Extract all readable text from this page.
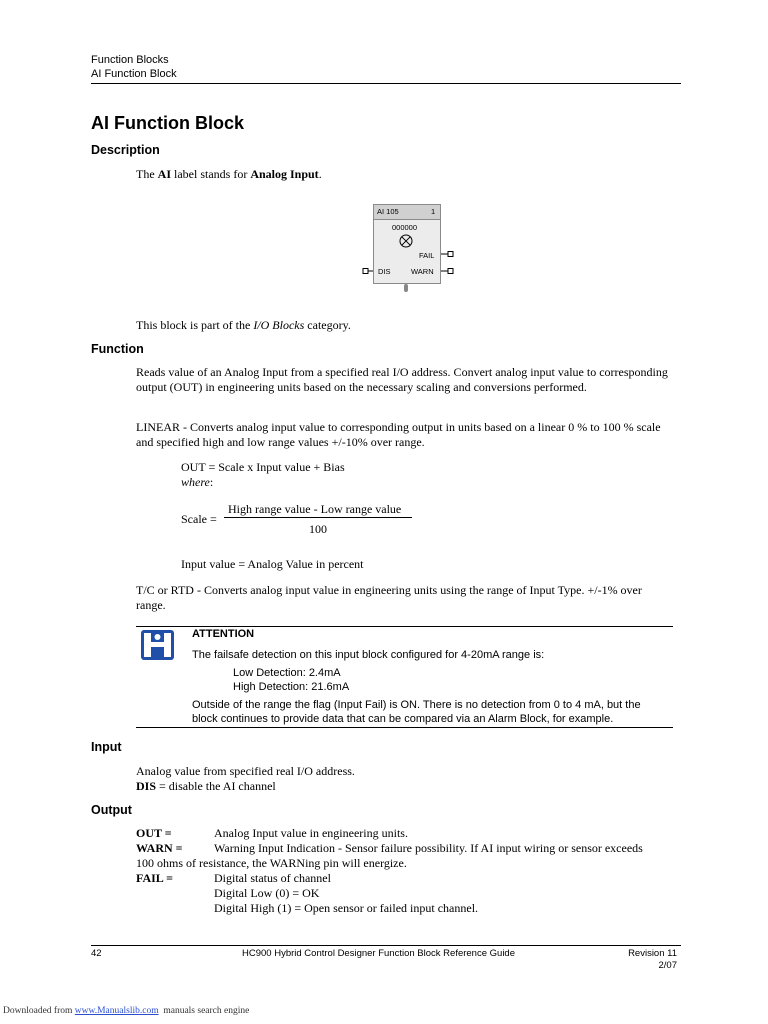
Function Blocks
AI Function Block
AI Function Block
Description
The AI label stands for Analog Input.
AI 105	1
000000
FAIL
DIS	WARN
This block is part of the I/O Blocks category.
Function
Reads value of an Analog Input from a specified real I/O address. Convert analog input value to corresponding output (OUT) in engineering units based on the necessary scaling and conversions performed.
LINEAR - Converts analog input value to corresponding output in units based on a linear 0 % to 100 % scale and specified high and low range values +/-10% over range.
OUT = Scale x Input value + Bias
where:
Scale =
High range value - Low range value
100
Input value = Analog Value in percent
T/C or RTD - Converts analog input value in engineering units using the range of Input Type. +/-1% over range.
ATTENTION
The failsafe detection on this input block configured for 4-20mA range is:
Low Detection: 2.4mA
High Detection: 21.6mA
Outside of the range the flag (Input Fail) is ON. There is no detection from 0 to 4 mA, but the block continues to provide data that can be compared via an Alarm Block, for example.
Input
Analog value from specified real I/O address.
DIS = disable the AI channel
Output
OUT =	Analog Input value in engineering units.
WARN =	Warning Input Indication - Sensor failure possibility. If AI input wiring or sensor exceeds
100 ohms of resistance, the WARNing pin will energize.
FAIL =	Digital status of channel
Digital Low (0) = OK
Digital High (1) = Open sensor or failed input channel.
42	HC900 Hybrid Control Designer Function Block Reference Guide	Revision 11
2/07
Downloaded from www.Manualslib.com  manuals search engine
